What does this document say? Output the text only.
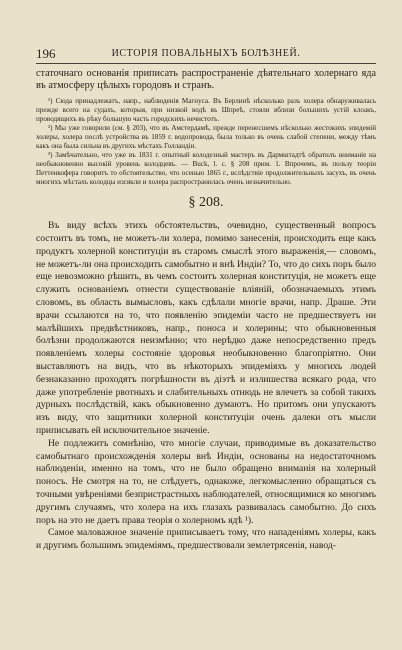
196	ИСТОРІЯ ПОВАЛЬНЫХЪ БОЛѢЗНЕЙ.

статочнаго основанія приписать распространеніе дѣятельнаго холернаго яда въ атмосферу цѣлыхъ городовъ и странъ.

¹) Сюда принадлежатъ, напр., наблюденія Магнуса. Въ Берлинѣ нѣсколько разъ холера обнаруживалась прежде всего на судахъ, которыя, при низкой водѣ въ Шпреѣ, стояли вблизи большихъ устій клоакъ, проводящихъ въ рѣку большую часть городскихъ нечистотъ.

²) Мы уже говорили (см. § 203), что въ Амстердамѣ, прежде перенесшемъ нѣсколько жестокихъ эпидемій холеры, холера послѣ устройства въ 1859 г. водопровода, была только въ очень слабой степени, между тѣмъ какъ она была сильна въ другихъ мѣстахъ Голландіи.

³) Замѣчательно, что уже въ 1831 г. опытный колодезный мастеръ въ Дармштадтѣ обратилъ вниманіе на необыкновенно высокій уровень колодцевъ. — Buсk, l. c. § 208 прим. 1. Впрочемъ, въ пользу теоріи Петтенкофера говоритъ то обстоятельство, что осенью 1865 г., вслѣдствіе продолжительныхъ засухъ, въ очень многихъ мѣстахъ колодцы изсякли и холера распространилась очень незначительно.

§ 208.

Въ виду всѣхъ этихъ обстоятельствъ, очевидно, существенный вопросъ состоитъ въ томъ, не можетъ-ли холера, помимо занесенія, происходить еще какъ продуктъ холерной конституціи въ старомъ смыслѣ этого выраженія,— словомъ, не можетъ-ли она происходить самобытно и внѣ Индіи? То, что до сихъ поръ было еще невозможно рѣшить, въ чемъ состоитъ холерная конституція, не можетъ еще служить основаніемъ отнести существованіе вліяній, обозначаемыхъ этимъ словомъ, въ область вымысловъ, какъ сдѣлали многіе врачи, напр. Драше. Эти врачи ссылаются на то, что появленію эпидеміи часто не предшествуетъ ни малѣйшихъ предвѣстниковъ, напр., поноса и холерины; что обыкновенныя болѣзни продолжаются неизмѣнно; что нерѣдко даже непосредственно предъ появленіемъ холеры состояніе здоровья необыкновенно благопріятно. Они выставляютъ на видъ, что въ нѣкоторыхъ эпидеміяхъ у многихъ людей безнаказанно проходятъ погрѣшности въ діэтѣ и излишества всякаго рода, что даже употребленіе рвотныхъ и слабительныхъ отнюдь не влечетъ за собой такихъ дурныхъ послѣдствій, какъ обыкновенно думаютъ. Но притомъ они упускаютъ изъ виду, что защитники холерной конституціи очень далеки отъ мысли приписывать ей исключительное значеніе.

Не подлежитъ сомнѣнію, что многіе случаи, приводимые въ доказательство самобытнаго происхожденія холеры внѣ Индіи, основаны на недостаточномъ наблюденіи, именно на томъ, что не было обращено вниманія на холерный поносъ. Не смотря на то, не слѣдуетъ, однакоже, легкомысленно обращаться съ точными увѣреніями безпристрастныхъ наблюдателей, относящимися ко многимъ другимъ случаямъ, что холера на ихъ глазахъ развивалась самобытно. До сихъ поръ на это не даетъ права теорія о холерномъ ядѣ ¹).

Самое маловажное значеніе приписываетъ тому, что нападеніямъ холеры, какъ и другимъ большимъ эпидеміямъ, предшествовали землетрясенія, навод-
